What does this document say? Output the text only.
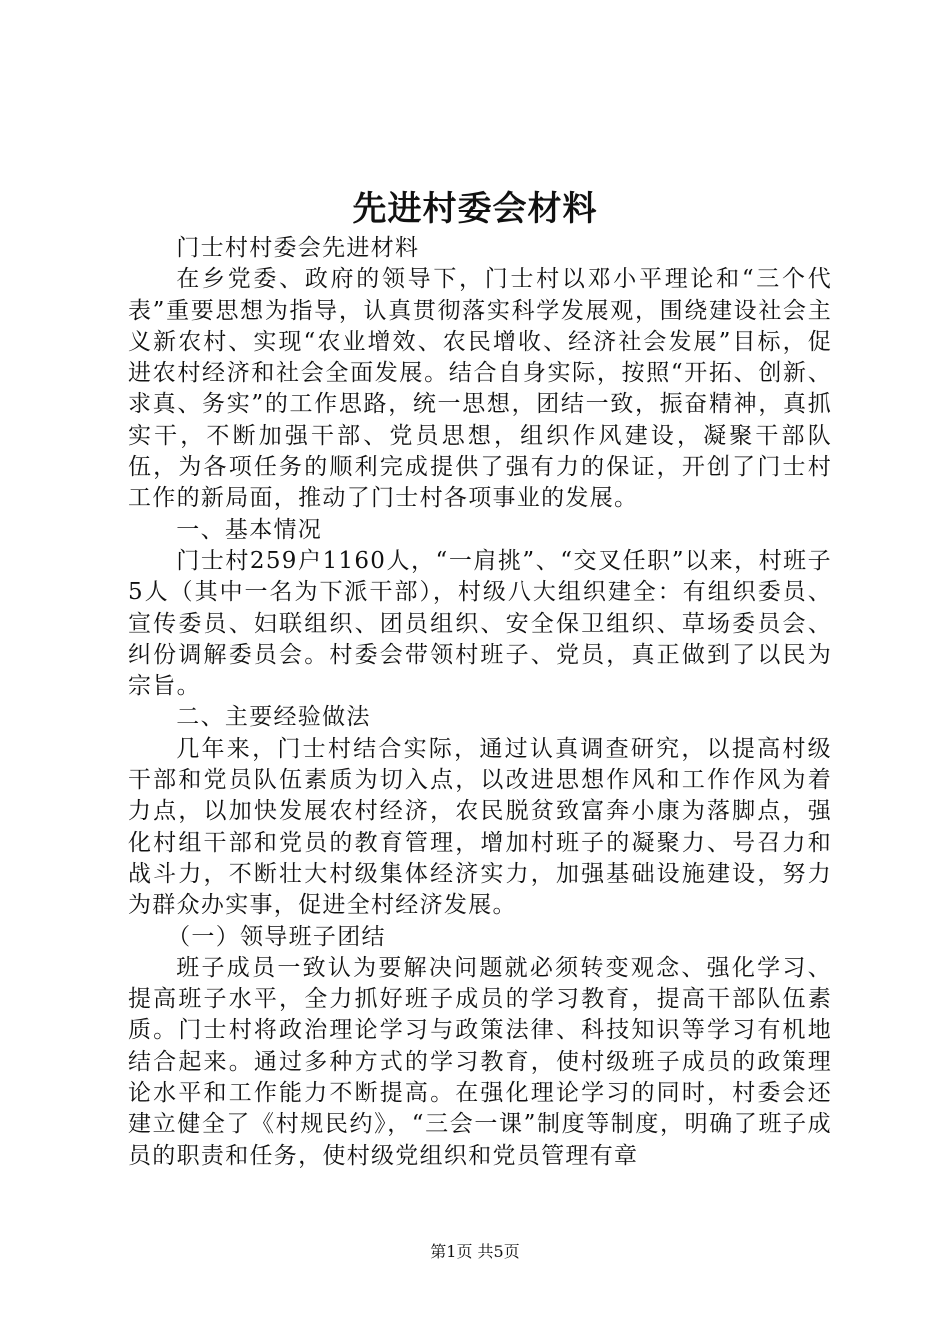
先进村委会材料

门士村村委会先进材料

在乡党委、政府的领导下，门士村以邓小平理论和“三个代表”重要思想为指导，认真贯彻落实科学发展观，围绕建设社会主义新农村、实现“农业增效、农民增收、经济社会发展”目标，促进农村经济和社会全面发展。结合自身实际，按照“开拓、创新、求真、务实”的工作思路，统一思想，团结一致，振奋精神，真抓实干，不断加强干部、党员思想，组织作风建设，凝聚干部队伍，为各项任务的顺利完成提供了强有力的保证，开创了门士村工作的新局面，推动了门士村各项事业的发展。

一、基本情况

门士村259户1160人，“一肩挑”、“交叉任职”以来，村班子5人（其中一名为下派干部），村级八大组织建全：有组织委员、宣传委员、妇联组织、团员组织、安全保卫组织、草场委员会、纠份调解委员会。村委会带领村班子、党员，真正做到了以民为宗旨。

二、主要经验做法

几年来，门士村结合实际，通过认真调查研究，以提高村级干部和党员队伍素质为切入点，以改进思想作风和工作作风为着力点，以加快发展农村经济，农民脱贫致富奔小康为落脚点，强化村组干部和党员的教育管理，增加村班子的凝聚力、号召力和战斗力，不断壮大村级集体经济实力，加强基础设施建设，努力为群众办实事，促进全村经济发展。

（一）领导班子团结

班子成员一致认为要解决问题就必须转变观念、强化学习、提高班子水平，全力抓好班子成员的学习教育，提高干部队伍素质。门士村将政治理论学习与政策法律、科技知识等学习有机地结合起来。通过多种方式的学习教育，使村级班子成员的政策理论水平和工作能力不断提高。在强化理论学习的同时，村委会还建立健全了《村规民约》，“三会一课”制度等制度，明确了班子成员的职责和任务，使村级党组织和党员管理有章

第1页 共5页
